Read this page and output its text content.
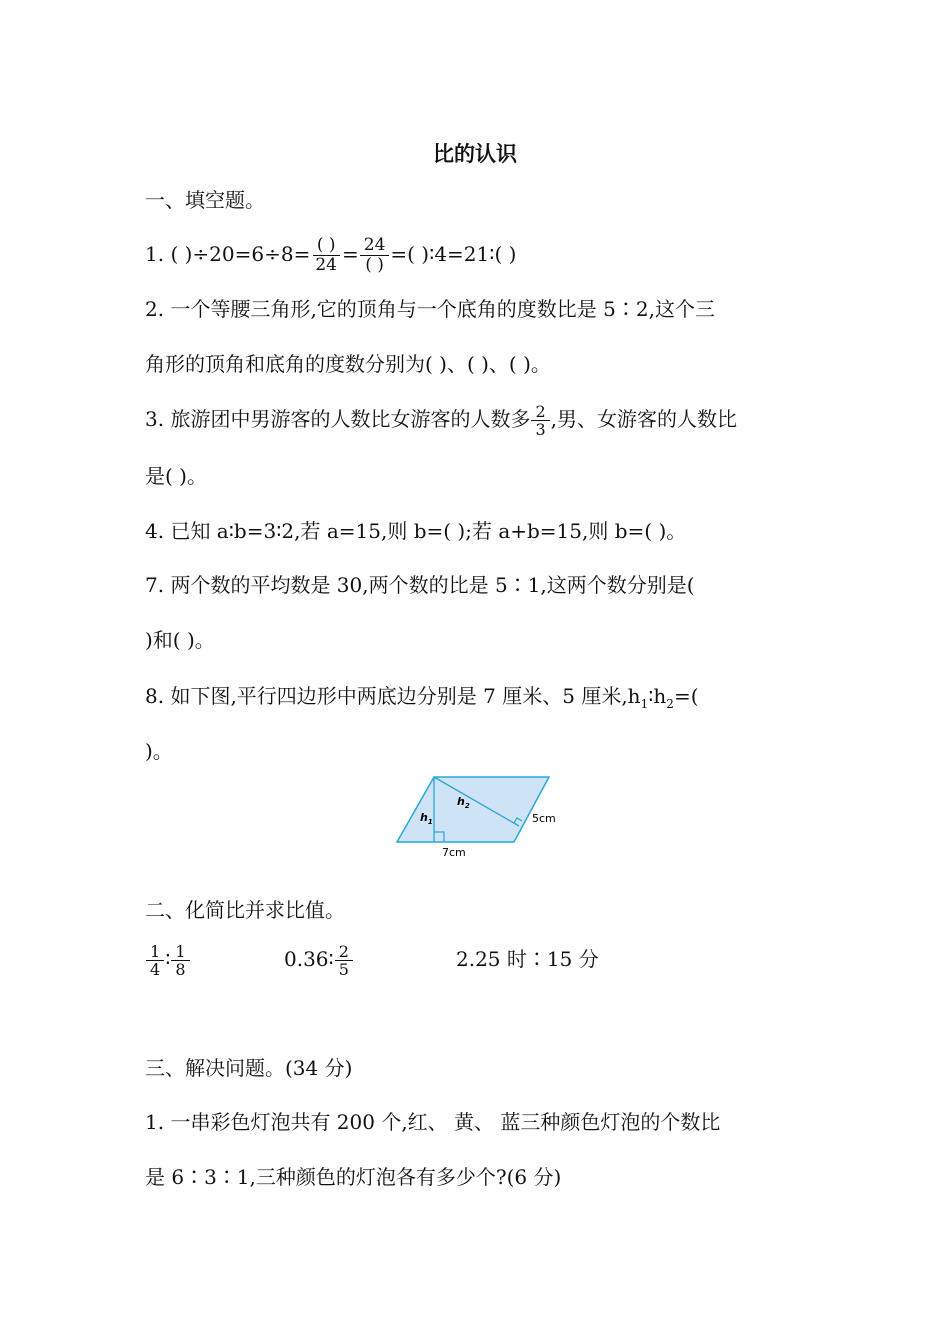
比的认识
一、填空题。
1. ( )$\div 20=6\div 8= \frac{( )}{24} = \frac{24}{( )}$ =( )∶4=21∶( )
2. 一个等腰三角形,它的顶角与一个底角的度数比是 5∶2,这个三
角形的顶角和底角的度数分别为( )、( )、( )。
3. 旅游团中男游客的人数比女游客的人数多 $\frac{2}{3}$ ,男、女游客的人数比
是( )。
4. 已知 a∶b=3∶2,若 a=15,则 b=( );若 a+b=15,则 b=( )。
7. 两个数的平均数是 30,两个数的比是 5∶1,这两个数分别是(
)和( )。
8. 如下图,平行四边形中两底边分别是 7 厘米、5 厘米$,h_1∶h_2=$(
)。
$h_1$
$h_2$
5cm
7cm
二、化简比并求比值。
$\frac{1}{4}$ ∶ $\frac{1}{8}$	0.36∶ $\frac{2}{5}$	2.25 时∶15 分
三、解决问题。(34 分)
1. 一串彩色灯泡共有 200 个,红、 黄、 蓝三种颜色灯泡的个数比
是 6∶3∶1,三种颜色的灯泡各有多少个?(6 分)
